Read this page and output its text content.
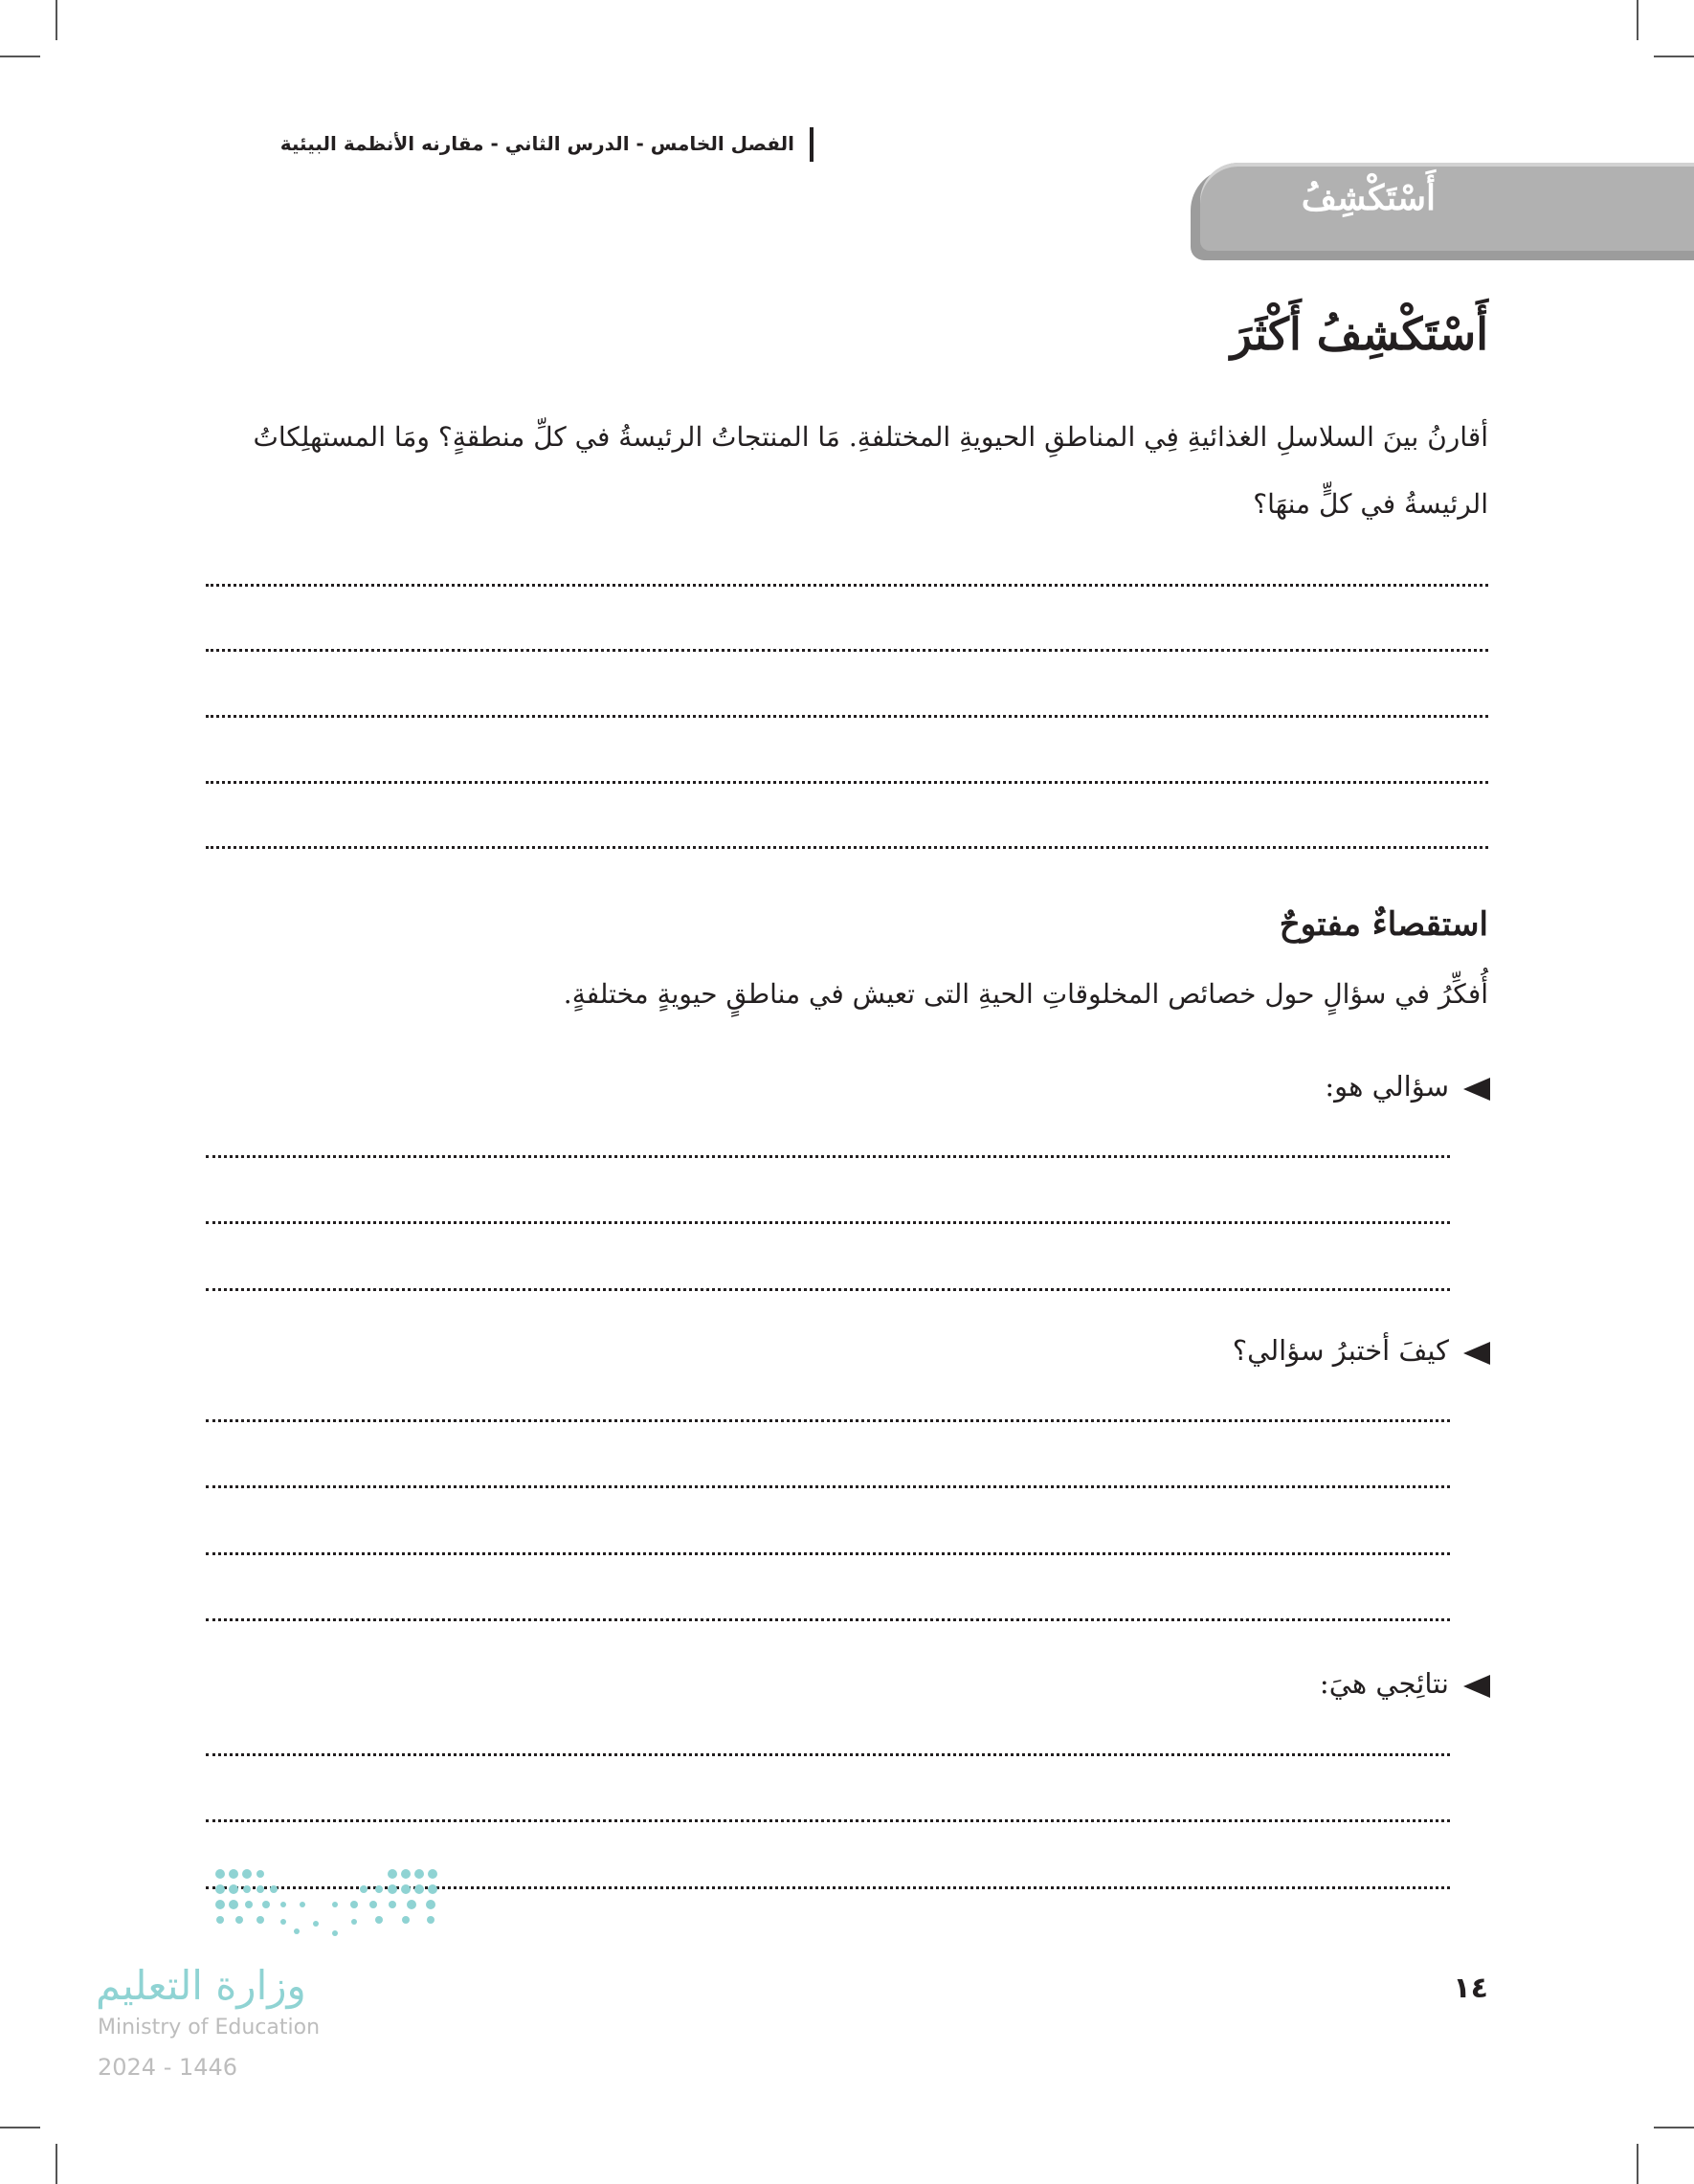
الفصل الخامس - الدرس الثاني - مقارنه الأنظمة البيئية
أَسْتَكْشِفُ
أَسْتَكْشِفُ أَكْثَرَ
أقارنُ بينَ السلاسلِ الغذائيةِ فِي المناطقِ الحيويةِ المختلفةِ. مَا المنتجاتُ الرئيسةُ في كلِّ منطقةٍ؟ ومَا المستهلِكاتُ
الرئيسةُ في كلٍّ منهَا؟
استقصاءٌ مفتوحٌ
أُفكِّرُ في سؤالٍ حول خصائص المخلوقاتِ الحيةِ التى تعيش في مناطقٍ حيويةٍ مختلفةٍ.
سؤالي هو:
كيفَ أختبرُ سؤالي؟
نتائِجي هيَ:
١٤
وزارة التعليم
Ministry of Education
2024 - 1446
